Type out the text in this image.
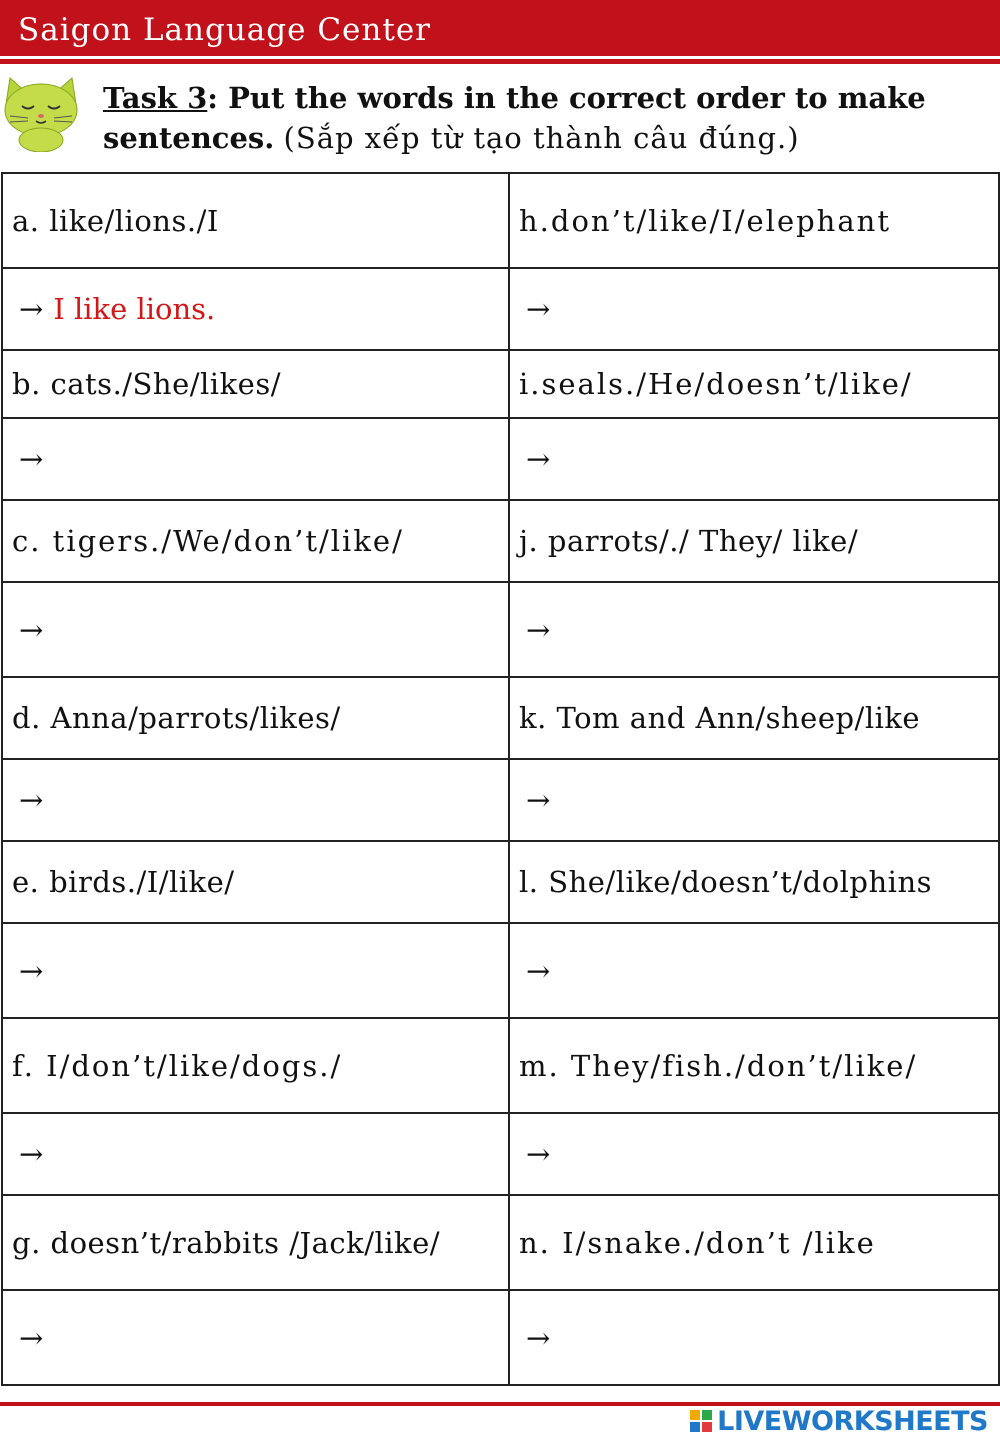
Saigon Language Center
Task 3: Put the words in the correct order to make sentences. (Sắp xếp từ tạo thành câu đúng.)
a. like/lions./I	h.don’t/like/I/elephant
→ I like lions.	→
b. cats./She/likes/	i.seals./He/doesn’t/like/
→	→
c. tigers./We/don’t/like/	j. parrots/./ They/ like/
→	→
d. Anna/parrots/likes/	k. Tom and Ann/sheep/like
→	→
e. birds./I/like/	l. She/like/doesn’t/dolphins
→	→
f. I/don’t/like/dogs./	m. They/fish./don’t/like/
→	→
g. doesn’t/rabbits /Jack/like/	n. I/snake./don’t /like
→	→
LIVEWORKSHEETS
